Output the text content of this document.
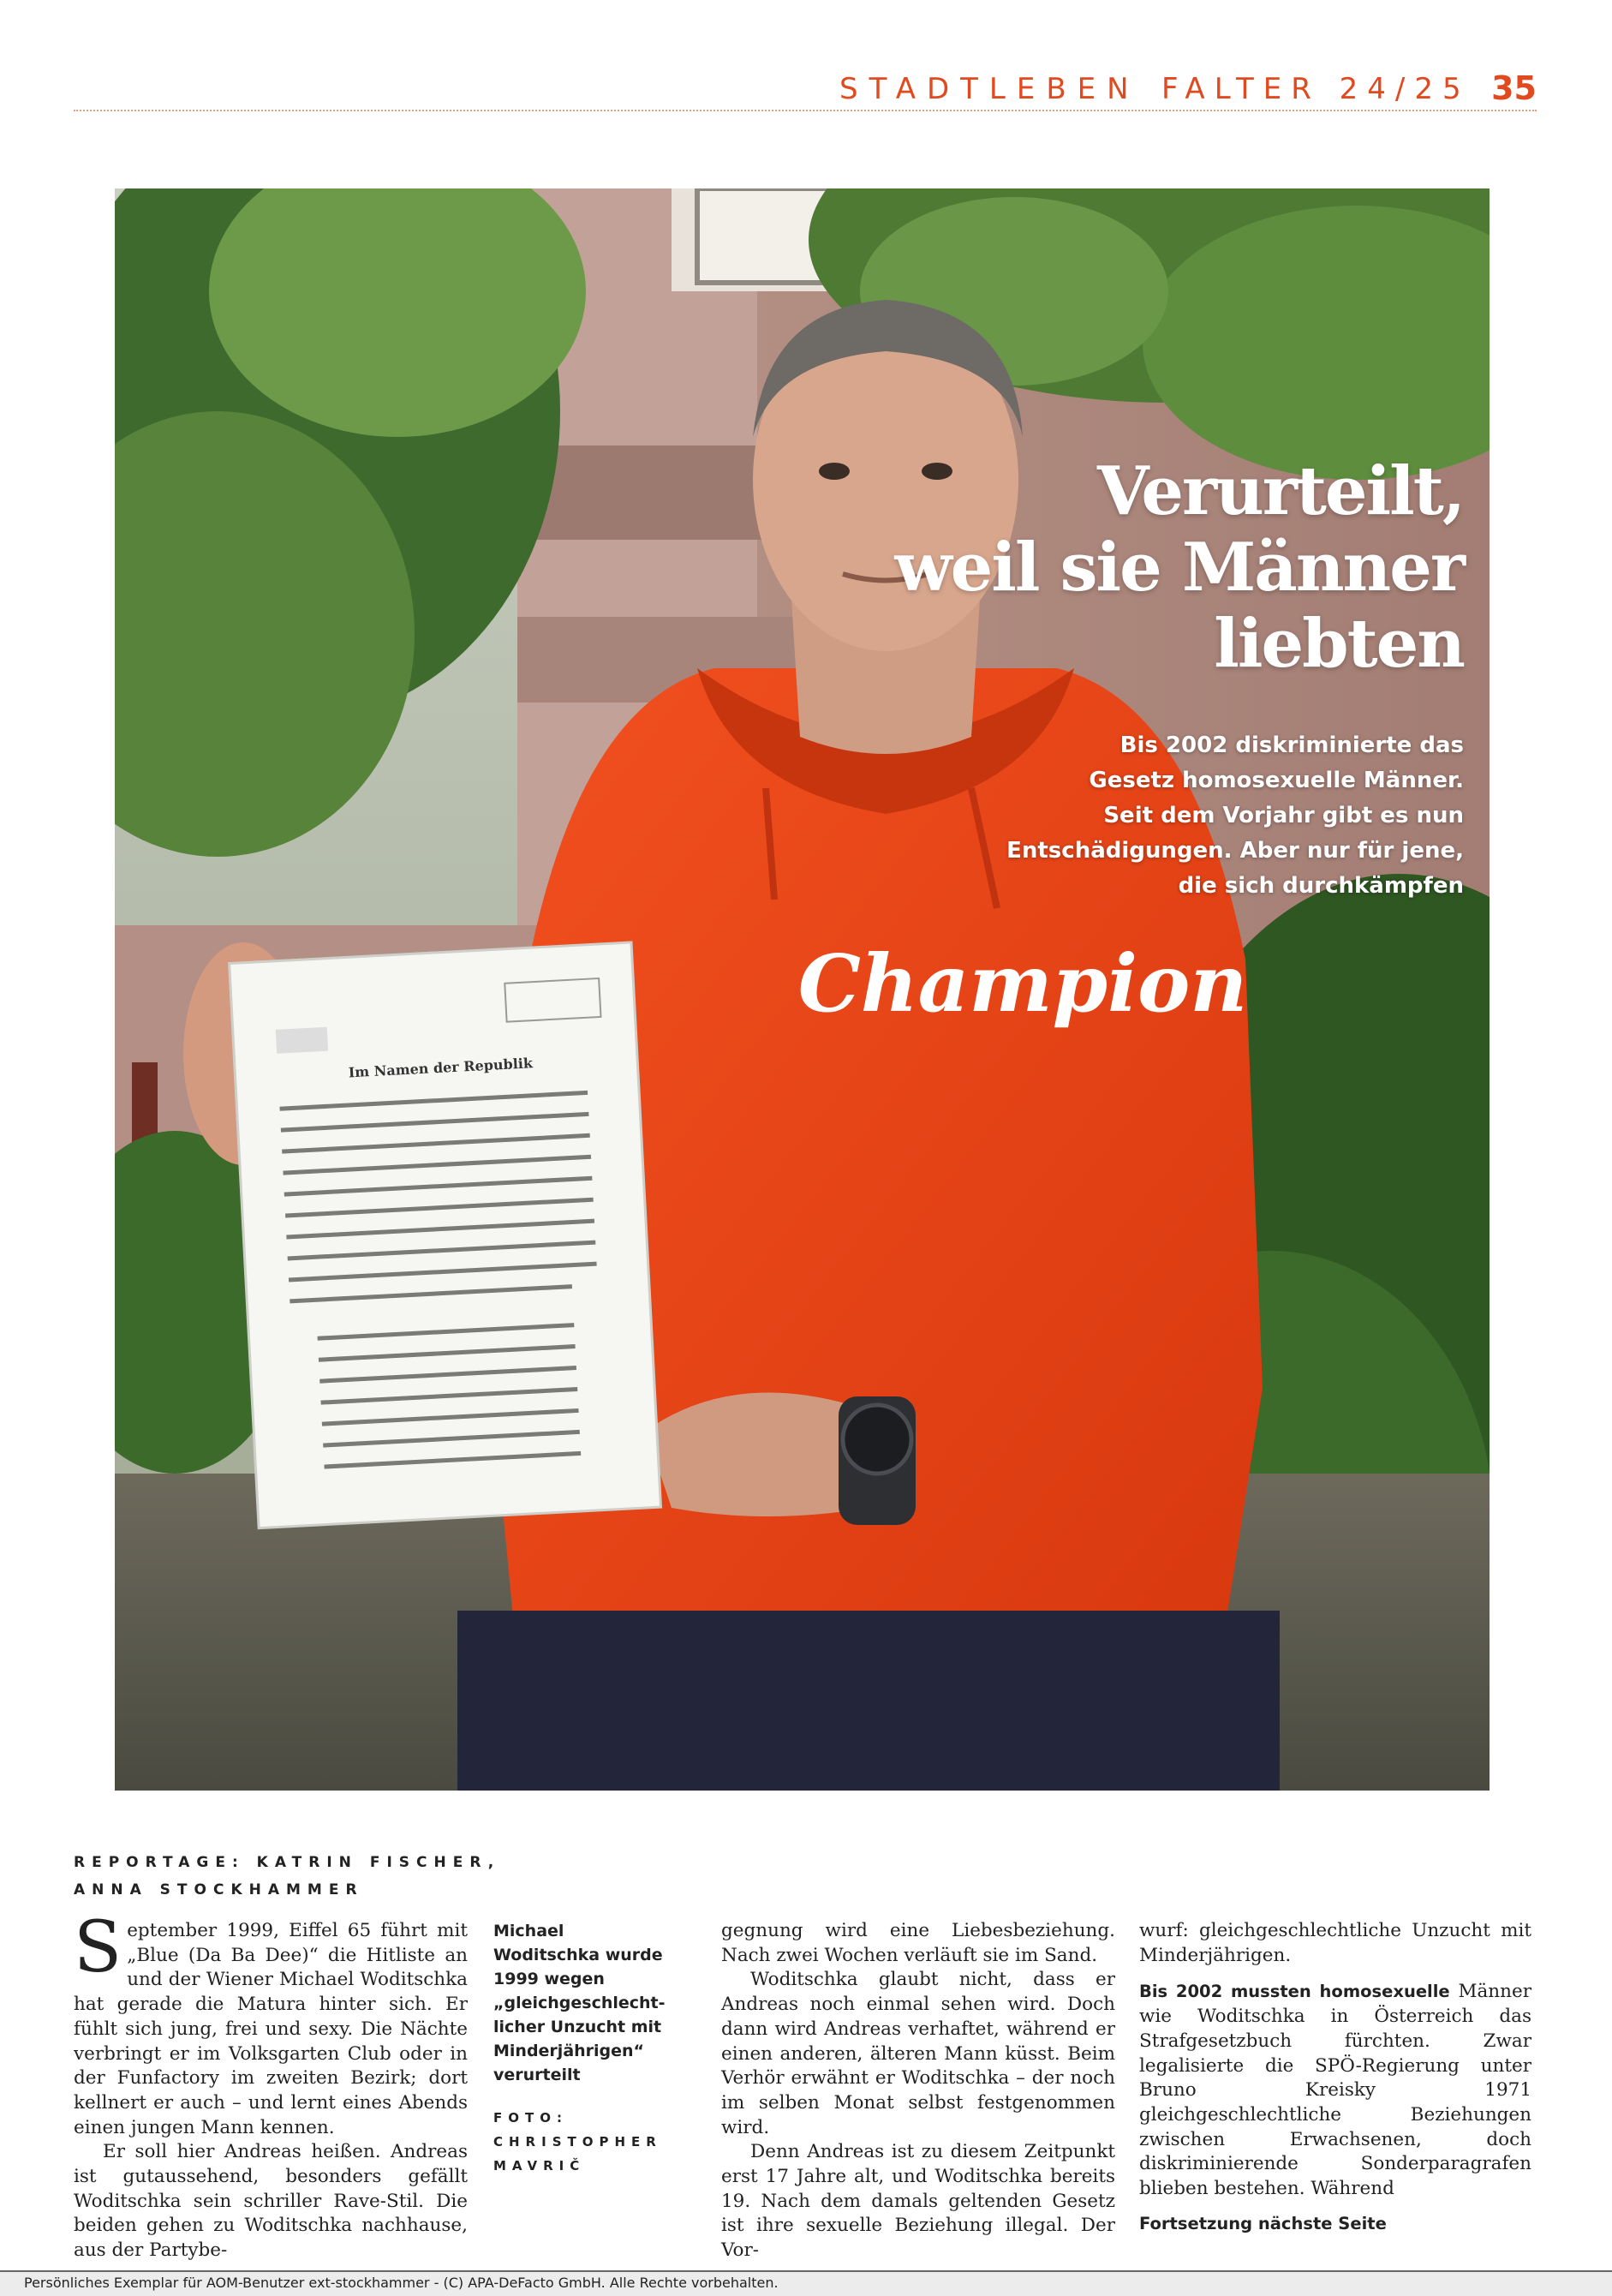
STADTLEBEN FALTER 24/25 35
Champion
Im Namen der Republik
Verurteilt,
weil sie Männer
liebten
Bis 2002 diskriminierte das
Gesetz homosexuelle Männer.
Seit dem Vorjahr gibt es nun
Entschädigungen. Aber nur für jene,
die sich durchkämpfen
REPORTAGE: KATRIN FISCHER,
ANNA STOCKHAMMER

September 1999, Eiffel 65 führt mit „Blue (Da Ba Dee)“ die Hitliste an und der Wiener Michael Woditschka hat gerade die Matura hinter sich. Er fühlt sich jung, frei und sexy. Die Nächte verbringt er im Volksgarten Club oder in der Funfactory im zweiten Bezirk; dort kellnert er auch – und lernt eines Abends einen jungen Mann kennen.

Er soll hier Andreas heißen. Andreas ist gutaussehend, besonders gefällt Woditschka sein schriller Rave-Stil. Die beiden gehen zu Woditschka nachhause, aus der Partybe-

Michael Woditschka wurde 1999 wegen „gleichgeschlecht-licher Unzucht mit Minderjährigen“ verurteilt
FOTO:
CHRISTOPHER MAVRIČ

gegnung wird eine Liebesbeziehung. Nach zwei Wochen verläuft sie im Sand.

Woditschka glaubt nicht, dass er Andreas noch einmal sehen wird. Doch dann wird Andreas verhaftet, während er einen anderen, älteren Mann küsst. Beim Verhör erwähnt er Woditschka – der noch im selben Monat selbst festgenommen wird.

Denn Andreas ist zu diesem Zeitpunkt erst 17 Jahre alt, und Woditschka bereits 19. Nach dem damals geltenden Gesetz ist ihre sexuelle Beziehung illegal. Der Vor-

wurf: gleichgeschlechtliche Unzucht mit Minderjährigen.

Bis 2002 mussten homosexuelle Männer wie Woditschka in Österreich das Strafgesetzbuch fürchten. Zwar legalisierte die SPÖ-Regierung unter Bruno Kreisky 1971 gleichgeschlechtliche Beziehungen zwischen Erwachsenen, doch diskriminierende Sonderparagrafen blieben bestehen. Während

Fortsetzung nächste Seite

Persönliches Exemplar für AOM-Benutzer ext-stockhammer - (C) APA-DeFacto GmbH. Alle Rechte vorbehalten.
